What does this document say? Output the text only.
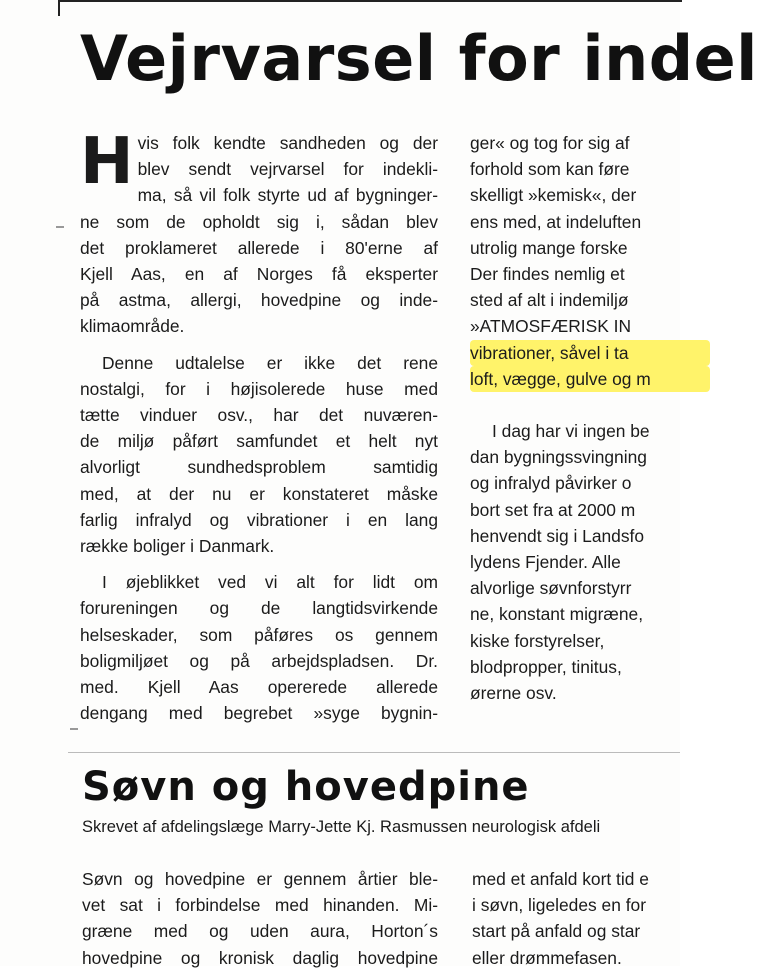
Vejrvarsel for indel
H vis folk kendte sandheden og der
blev sendt vejrvarsel for indekli-
ma, så vil folk styrte ud af bygninger-
ne som de opholdt sig i, sådan blev
det proklameret allerede i 80'erne af
Kjell Aas, en af Norges få eksperter
på astma, allergi, hovedpine og inde-
klimaområde.
Denne udtalelse er ikke det rene
nostalgi, for i højisolerede huse med
tætte vinduer osv., har det nuværen-
de miljø påført samfundet et helt nyt
alvorligt sundhedsproblem samtidig
med, at der nu er konstateret måske
farlig infralyd og vibrationer i en lang
række boliger i Danmark.
I øjeblikket ved vi alt for lidt om
forureningen og de langtidsvirkende
helseskader, som påføres os gennem
boligmiljøet og på arbejdspladsen. Dr.
med. Kjell Aas opererede allerede
dengang med begrebet »syge bygnin-
ger« og tog for sig af
forhold som kan føre
skelligt »kemisk«, der
ens med, at indeluften
utrolig mange forske
Der findes nemlig et
sted af alt i indemiljø
»ATMOSFÆRISK IN
vibrationer, såvel i ta
loft, vægge, gulve og m
I dag har vi ingen be
dan bygningssvingning
og infralyd påvirker o
bort set fra at 2000 m
henvendt sig i Landsfo
lydens Fjender. Alle
alvorlige søvnforstyrr
ne, konstant migræne,
kiske forstyrelser,
blodpropper, tinitus,
ørerne osv.
Søvn og hovedpine
Skrevet af afdelingslæge Marry-Jette Kj. Rasmussen neurologisk afdeli
Søvn og hovedpine er gennem årtier ble-
vet sat i forbindelse med hinanden. Mi-
græne med og uden aura, Horton´s
hovedpine og kronisk daglig hovedpine
med et anfald kort tid e
i søvn, ligeledes en for
start på anfald og star
eller drømmefasen.
